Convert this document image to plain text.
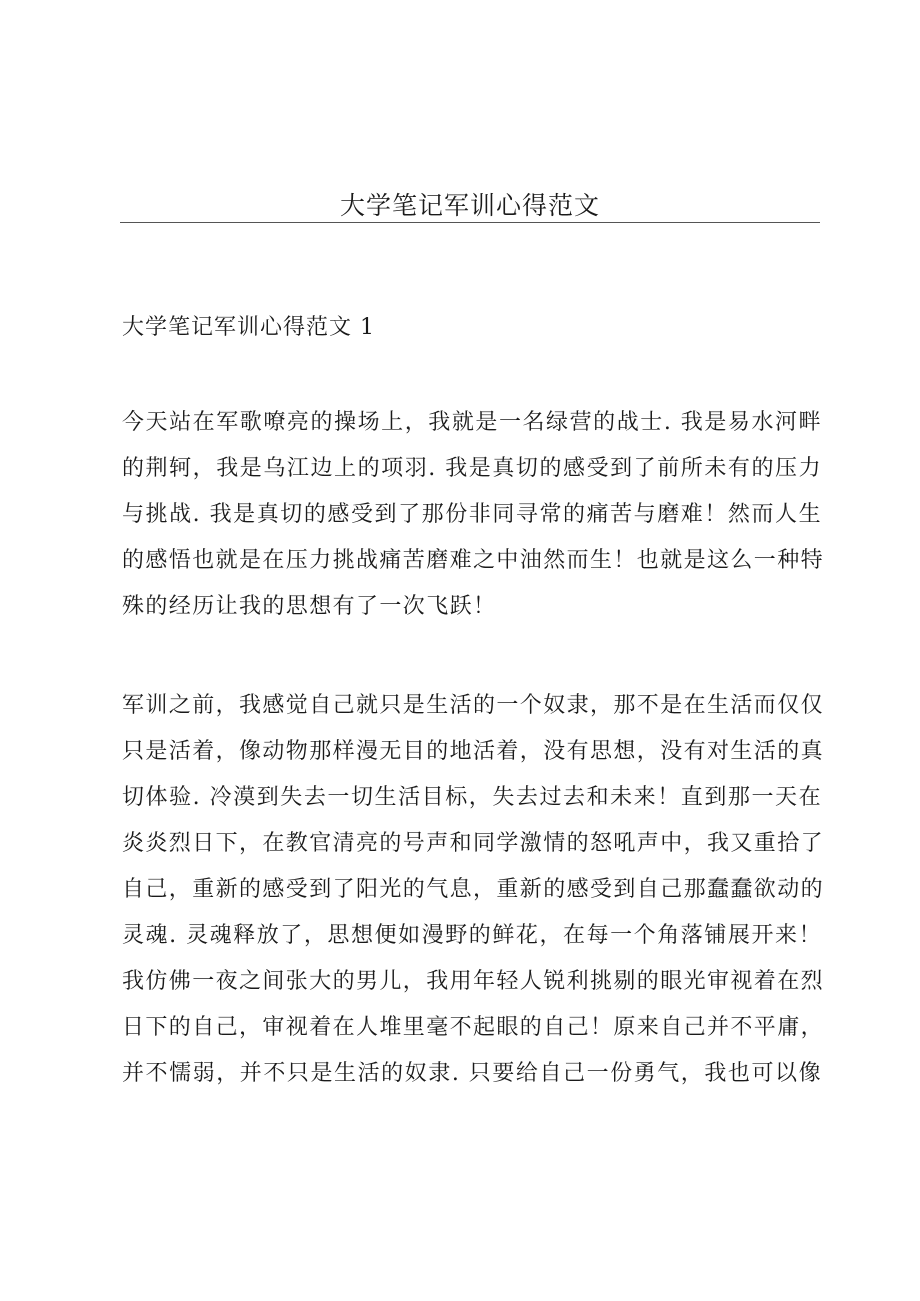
大学笔记军训心得范文
大学笔记军训心得范文 1

今天站在军歌嘹亮的操场上，我就是一名绿营的战士. 我是易水河畔
的荆轲，我是乌江边上的项羽. 我是真切的感受到了前所未有的压力
与挑战. 我是真切的感受到了那份非同寻常的痛苦与磨难！然而人生
的感悟也就是在压力挑战痛苦磨难之中油然而生！也就是这么一种特
殊的经历让我的思想有了一次飞跃！

军训之前，我感觉自己就只是生活的一个奴隶，那不是在生活而仅仅
只是活着，像动物那样漫无目的地活着，没有思想，没有对生活的真
切体验. 冷漠到失去一切生活目标，失去过去和未来！直到那一天在
炎炎烈日下，在教官清亮的号声和同学激情的怒吼声中，我又重拾了
自己，重新的感受到了阳光的气息，重新的感受到自己那蠢蠢欲动的
灵魂. 灵魂释放了，思想便如漫野的鲜花，在每一个角落铺展开来！
我仿佛一夜之间张大的男儿，我用年轻人锐利挑剔的眼光审视着在烈
日下的自己，审视着在人堆里毫不起眼的自己！原来自己并不平庸，
并不懦弱，并不只是生活的奴隶. 只要给自己一份勇气，我也可以像
